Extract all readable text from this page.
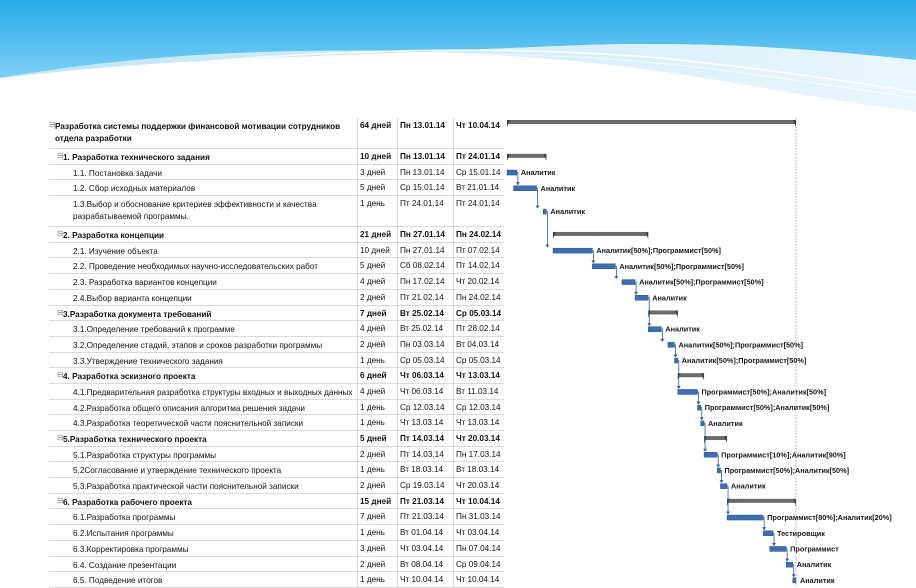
⊟ Разработка системы поддержки финансовой мотивации сотрудников отдела разработки
64 дней	Пн 13.01.14	Чт 10.04.14
⊟ 1. Разработка технического задания	10 дней	Пн 13.01.14	Пт 24.01.14
1.1. Постановка задачи	3 дней	Пн 13.01.14	Ср 15.01.14
1.2. Сбор исходных материалов	5 дней	Ср 15.01.14	Вт 21.01.14
1.3.Выбор и обоснование критериев эффективности и качества разрабатываемой программы.
1 день	Пт 24.01.14	Пт 24.01.14
⊟ 2. Разработка концепции	21 дней	Пн 27.01.14	Пн 24.02.14
2.1. Изучение объекта	10 дней	Пн 27.01.14	Пт 07.02.14
2.2. Проведение необходимых научно-исследовательских работ	5 дней	Сб 08.02.14	Пт 14.02.14
2.3. Разработка вариантов концепции	4 дней	Пн 17.02.14	Чт 20.02.14
2.4.Выбор варианта концепции	2 дней	Пт 21.02.14	Пн 24.02.14
⊟ 3.Разработка документа требований	7 дней	Вт 25.02.14	Ср 05.03.14
3.1.Определение требований к программе	4 дней	Вт 25.02.14	Пт 28.02.14
3.2.Определение стадий, этапов и сроков разработки программы	2 дней	Пн 03.03.14	Вт 04.03.14
3.3.Утверждение технического задания	1 день	Ср 05.03.14	Ср 05.03.14
⊟ 4. Разработка эскизного проекта	6 дней	Чт 06.03.14	Чт 13.03.14
4.1.Предварительная разработка структуры входных и выходных данных 4 дней	Чт 06.03.14	Вт 11.03.14
4.2.Разработка общего описания алгоритма решения задачи	1 день	Ср 12.03.14	Ср 12.03.14
4.3.Разработка теоретической части пояснительной записки	1 день	Чт 13.03.14	Чт 13.03.14
⊟ 5.Разработка технического проекта	5 дней	Пт 14.03.14	Чт 20.03.14
5.1.Разработка структуры программы	2 дней	Пт 14.03.14	Пн 17.03.14
5.2Согласование и утверждение технического проекта	1 день	Вт 18.03.14	Вт 18.03.14
5.3.Разработка практической части пояснительной записки	2 дней	Ср 19.03.14	Чт 20.03.14
⊟ 6. Разработка рабочего проекта	15 дней	Пт 21.03.14	Чт 10.04.14
6.1.Разработка программы	7 дней	Пт 21.03.14	Пн 31.03.14
6.2.Испытания программы	1 день	Вт 01.04.14	Чт 03.04.14
6.3.Корректировка программы	3 дней	Чт 03.04.14	Пн 07.04.14
6.4. Создание презентации	2 дней	Вт 08.04.14	Ср 09.04.14
6.5. Подведение итогов	1 день	Чт 10.04.14	Чт 10.04.14
Аналитик
Аналитик
Аналитик
Аналитик[50%];Программист[50%]
Аналитик[50%];Программист[50%]
Аналитик[50%];Программист[50%]
Аналитик
Аналитик
Аналитик[50%];Программист[50%]
Аналитик[50%];Программист[50%]
Программист[50%];Аналитик[50%]
Программист[50%];Аналитик[50%]
Аналитик
Программист[10%];Аналитик[90%]
Программист[50%];Аналитик[50%]
Аналитик
Программист[80%];Аналитик[20%]
Тестировщик
Программист
Аналитик
Аналитик
